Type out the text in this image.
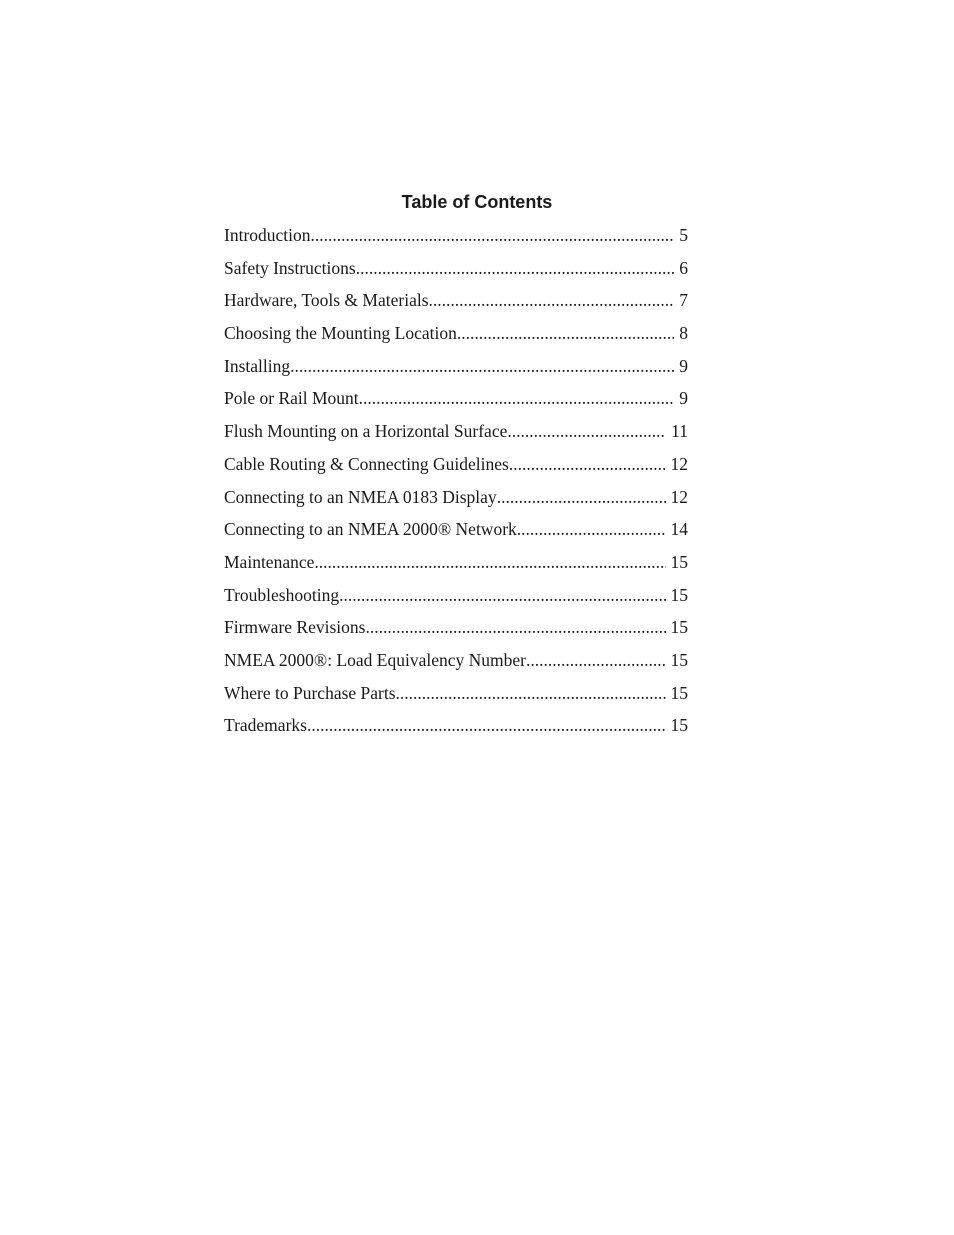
Table of Contents
Introduction .....	5
Safety Instructions .....	6
Hardware, Tools & Materials .....	7
Choosing the Mounting Location .....	8
Installing .....	9
Pole or Rail Mount .....	9
Flush Mounting on a Horizontal Surface .....	11
Cable Routing & Connecting Guidelines .....	12
Connecting to an NMEA 0183 Display .....	12
Connecting to an NMEA 2000® Network .....	14
Maintenance .....	15
Troubleshooting .....	15
Firmware Revisions .....	15
NMEA 2000®: Load Equivalency Number .....	15
Where to Purchase Parts .....	15
Trademarks .....	15
